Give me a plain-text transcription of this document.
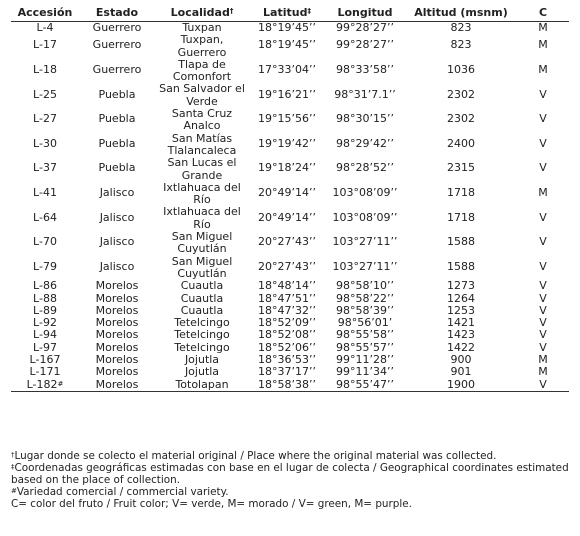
Accesión	Estado	Localidad†	Latitud‡	Longitud	Altitud (msnm)	C
L-4	Guerrero	Tuxpan	18°19’45’’	99°28’27’’	823	M
L-17	Guerrero	Tuxpan, Guerrero	18°19’45’’	99°28’27’’	823	M
L-18	Guerrero	Tlapa de Comonfort	17°33’04’’	98°33’58’’	1036	M
L-25	Puebla	San Salvador el Verde	19°16’21’’	98°31’7.1’’	2302	V
L-27	Puebla	Santa Cruz Analco	19°15’56’’	98°30’15’’	2302	V
L-30	Puebla	San Matías Tlalancaleca	19°19’42’’	98°29’42’’	2400	V
L-37	Puebla	San Lucas el Grande	19°18’24’’	98°28’52’’	2315	V
L-41	Jalisco	Ixtlahuaca del Río	20°49’14’’	103°08’09’’	1718	M
L-64	Jalisco	Ixtlahuaca del Río	20°49’14’’	103°08’09’’	1718	V
L-70	Jalisco	San Miguel Cuyutlán	20°27’43’’	103°27’11’’	1588	V
L-79	Jalisco	San Miguel Cuyutlán	20°27’43’’	103°27’11’’	1588	V
L-86	Morelos	Cuautla	18°48’14’’	98°58’10’’	1273	V
L-88	Morelos	Cuautla	18°47’51’’	98°58’22’’	1264	V
L-89	Morelos	Cuautla	18°47’32’’	98°58’39’’	1253	V
L-92	Morelos	Tetelcingo	18°52’09’’	98°56’01’	1421	V
L-94	Morelos	Tetelcingo	18°52’08’’	98°55’58’’	1423	V
L-97	Morelos	Tetelcingo	18°52’06’’	98°55’57’’	1422	V
L-167	Morelos	Jojutla	18°36’53’’	99°11’28’’	900	M
L-171	Morelos	Jojutla	18°37’17’’	99°11’34’’	901	M
L-182#	Morelos	Totolapan	18°58’38’’	98°55’47’’	1900	V
†Lugar donde se colecto el material original / Place where the original material was collected.
‡Coordenadas geográficas estimadas con base en el lugar de colecta / Geographical coordinates estimated based on the place of collection.
#Variedad comercial / commercial variety.
C= color del fruto / Fruit color; V= verde, M= morado / V= green, M= purple.
